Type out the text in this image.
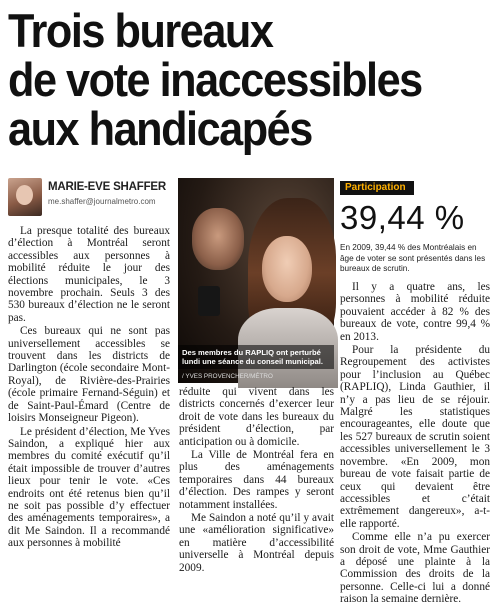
Trois bureaux
de vote inaccessibles
aux handicapés
MARIE-EVE SHAFFER
me.shaffer@journalmetro.com

La presque totalité des bureaux d’élection à Montréal seront accessibles aux personnes à mobilité réduite le jour des élections municipales, le 3 novembre prochain. Seuls 3 des 530 bureaux d’élection ne le seront pas.

Ces bureaux qui ne sont pas universellement accessibles se trouvent dans les districts de Darlington (école secondaire Mont-Royal), de Rivière-des-Prairies (école primaire Fernand-Séguin) et de Saint-Paul-Émard (Centre de loisirs Monseigneur Pigeon).

Le président d’élection, Me Yves Saindon, a expliqué hier aux membres du comité exécutif qu’il était impossible de trouver d’autres lieux pour tenir le vote. «Ces endroits ont été retenus bien qu’il ne soit pas possible d’y effectuer des aménagements temporaires», a dit Me Saindon. Il a recommandé aux personnes à mobilité

Des membres du RAPLIQ ont perturbé lundi une séance du conseil municipal.
/ YVES PROVENCHER/MÉTRO

réduite qui vivent dans les districts concernés d’exercer leur droit de vote dans les bureaux du président d’élection, par anticipation ou à domicile.

La Ville de Montréal fera en plus des aménagements temporaires dans 44 bureaux d’élection. Des rampes y seront notamment installées.

Me Saindon a noté qu’il y avait une «amélioration significative» en matière d’accessibilité universelle à Montréal depuis 2009.

Participation
39,44 %
En 2009, 39,44 % des Montréalais en âge de voter se sont présentés dans les bureaux de scrutin.

Il y a quatre ans, les personnes à mobilité réduite pouvaient accéder à 82 % des bureaux de vote, contre 99,4 % en 2013.

Pour la présidente du Regroupement des activistes pour l’inclusion au Québec (RAPLIQ), Linda Gauthier, il n’y a pas lieu de se réjouir. Malgré les statistiques encourageantes, elle doute que les 527 bureaux de scrutin soient accessibles universellement le 3 novembre. «En 2009, mon bureau de vote faisait partie de ceux qui devaient être accessibles et c’était extrêmement dangereux», a-t-elle rapporté.

Comme elle n’a pu exercer son droit de vote, Mme Gauthier a déposé une plainte à la Commission des droits de la personne. Celle-ci lui a donné raison la semaine dernière.
